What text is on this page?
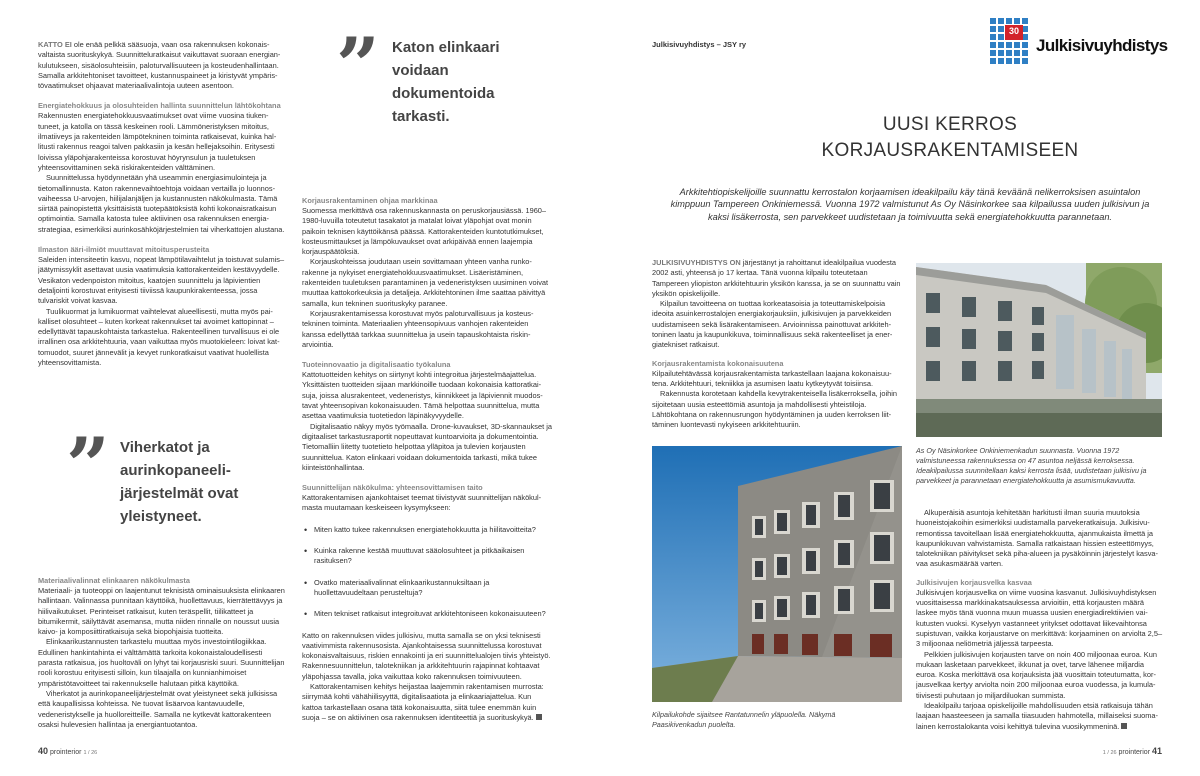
KATTO EI ole enää pelkkä sääsuoja, vaan osa rakennuksen kokonaisvaltaista suorituskykyä. Suunnitteluratkaisut vaikuttavat suoraan energiankulutukseen, sisäolosuhteisiin, paloturvallisuuteen ja kosteudenhallintaan. Samalla arkkitehtoniset tavoitteet, kustannuspaineet ja kiristyvät ympäristövaatimukset ohjaavat materiaalivalintoja uuteen asentoon.

Energiatehokkuus ja olosuhteiden hallinta suunnittelun lähtökohtana

Rakennusten energiatehokkuusvaatimukset ovat viime vuosina tiukentuneet, ja katolla on tässä keskeinen rooli. Lämmöneristyksen mitoitus, ilmatiiveys ja rakenteiden lämpötekninen toiminta ratkaisevat, kuinka hallitusti rakennus reagoi talven pakkasiin ja kesän hellejaksoihin. Eritysesti loivissa yläpohjarakenteissa korostuvat höyrynsulun ja tuuletuksen yhteensovittaminen sekä riskirakenteiden välttäminen.

Suunnittelussa hyödynnetään yhä useammin energiasimulointeja ja tietomallinnusta. Katon rakennevaihtoehtoja voidaan vertailla jo luonnosvaiheessa U-arvojen, hiilijalanjäljen ja kustannusten näkökulmasta. Tämä siirtää painopistettä yksittäisistä tuotepäätöksistä kohti kokonaisratkaisun optimointia. Samalla katosta tulee aktiivinen osa rakennuksen energiastrategiaa, esimerkiksi aurinkosähköjärjestelmien tai viherkattojen alustana.

Ilmaston ääri-ilmiöt muuttavat mitoitusperusteita

Saleiden intensiteetin kasvu, nopeat lämpötilavaihtelut ja toistuvat sulamis–jäätymissyklit asettavat uusia vaatimuksia kattorakenteiden kestävyydelle. Vesikaton vedenpoiston mitoitus, kaatojen suunnittelu ja läpivientien detaljointi korostuvat erityisesti tiiviissä kaupunkirakenteessa, jossa tulvariskit voivat kasvaa.

Tuulikuormat ja lumikuormat vaihtelevat alueellisesti, mutta myös paikalliset olosuhteet – kuten korkeat rakennukset tai avoimet kattopinnat – edellyttävät tapauskohtaista tarkastelua. Rakenteellinen turvallisuus ei ole irrallinen osa arkkitehtuuria, vaan vaikuttaa myös muotokieleen: loivat kattomuodot, suuret jännevälit ja kevyet runkoratkaisut vaativat huolellista yhteensovittamista.

Materiaalivalinnat elinkaaren näkökulmasta

Materiaali- ja tuoteoppi on laajentunut teknisistä ominaisuuksista elinkaaren hallintaan. Valinnassa punnitaan käyttöikä, huollettavuus, kierrätettävyys ja hiilivaikutukset. Perinteiset ratkaisut, kuten teräspellit, tiilikatteet ja bitumikermit, säilyttävät asemansa, mutta niiden rinnalle on noussut uusia kaivo- ja komposiittiratkaisuja sekä biopohjaisia tuotteita.

Elinkaarikustannusten tarkastelu muuttaa myös investointilogiikkaa. Edullinen hankintahinta ei välttämättä tarkoita kokonaistaloudellisesti parasta ratkaisua, jos huoltoväli on lyhyt tai korjausriski suuri. Suunnittelijan rooli korostuu erityisesti silloin, kun tilaajalla on kunnianhimoiset ympäristötavoitteet tai rakennukselle halutaan pitkä käyttöikä.

Viherkatot ja aurinkopaneelijärjestelmät ovat yleistyneet sekä julkisissa että kaupallisissa kohteissa. Ne tuovat lisäarvoa kantavuudelle, vedeneristykselle ja huolloreitteille. Samalla ne kytkevät kattorakenteen osaksi hulevesien hallintaa ja energiantuotantoa.

” Viherkatot ja aurinkopaneelijärjestelmät ovat yleistyneet.
” Katon elinkaari voidaan dokumentoida tarkasti.
Korjausrakentaminen ohjaa markkinaa

Suomessa merkittävä osa rakennuskannasta on peruskorjausiässä. 1960–1980-luvuilla toteutetut tasakatot ja matalat loivat yläpohjat ovat monin paikoin teknisen käyttöikänsä päässä. Kattorakenteiden kuntotutkimukset, kosteusmittaukset ja lämpökuvaukset ovat arkipäivää ennen laajempia korjauspäätöksiä.

Korjauskohteissa joudutaan usein sovittamaan yhteen vanha runkorakenne ja nykyiset energiatehokkuusvaatimukset. Lisäeristäminen, rakenteiden tuuletuksen parantaminen ja vedeneristyksen uusiminen voivat muuttaa kattokorkeuksia ja detaljeja. Arkkitehtoninen ilme saattaa päivittyä samalla, kun tekninen suorituskyky paranee.

Korjausrakentamisessa korostuvat myös paloturvallisuus ja kosteustekninen toiminta. Materiaalien yhteensopivuus vanhojen rakenteiden kanssa edellyttää tarkkaa suunnittelua ja usein tapauskohtaista riskinarviointia.

Tuoteinnovaatio ja digitalisaatio työkaluna

Kattotuotteiden kehitys on siirtynyt kohti integroitua järjestelmäajattelua. Yksittäisten tuotteiden sijaan markkinoille tuodaan kokonaisia kattoratkaisuja, joissa alusrakenteet, vedeneristys, kiinnikkeet ja läpiviennit muodostavat yhteensopivan kokonaisuuden. Tämä helpottaa suunnittelua, mutta asettaa vaatimuksia tuotetiedon läpinäkyvyydelle.

Digitalisaatio näkyy myös työmaalla. Drone-kuvaukset, 3D-skannaukset ja digitaaliset tarkastusraportit nopeuttavat kuntoarvioita ja dokumentointia. Tietomalliin liitetty tuotetieto helpottaa ylläpitoa ja tulevien korjausten suunnittelua. Katon elinkaari voidaan dokumentoida tarkasti, mikä tukee kiinteistönhallintaa.

Suunnittelijan näkökulma: yhteensovittamisen taito

Kattorakentamisen ajankohtaiset teemat tiivistyvät suunnittelijan näkökulmasta muutamaan keskeiseen kysymykseen:

• Miten katto tukee rakennuksen energiatehokkuutta ja hiilitavoitteita?
• Kuinka rakenne kestää muuttuvat sääolosuhteet ja pitkäaikaisen rasituksen?
• Ovatko materiaalivalinnat elinkaarikustannuksiltaan ja huollettavuudeltaan perusteltuja?
• Miten tekniset ratkaisut integroituvat arkkitehtoniseen kokonaisuuteen?

Katto on rakennuksen viides julkisivu, mutta samalla se on yksi teknisesti vaativimmista rakennusosista. Ajankohtaisessa suunnittelussa korostuvat kokonaisvaltaisuus, riskien ennakointi ja eri suunnittelualojen tiivis yhteistyö. Rakennesuunnittelun, talotekniikan ja arkkitehtuurin rajapinnat kohtaavat yläpohjassa tavalla, joka vaikuttaa koko rakennuksen toimivuuteen.

Kattorakentamisen kehitys heijastaa laajemmin rakentamisen murrosta: siirrymää kohti vähähiilisyyttä, digitalisaatiota ja elinkaariajattelua. Kun kattoa tarkastellaan osana tätä kokonaisuutta, siitä tulee enemmän kuin suoja – se on aktiivinen osa rakennuksen identiteettiä ja suorituskykyä.

40 prointerior 1 / 26
Julkisivuyhdistys – JSY ry
30
Julkisivuyhdistys
UUSI KERROS
KORJAUSRAKENTAMISEEN
Arkkitehtiopiskelijoille suunnattu kerrostalon korjaamisen ideakilpailu käy tänä keväänä nelikerroksisen asuintalon kimppuun Tampereen Onkiniemessä. Vuonna 1972 valmistunut As Oy Näsinkorkee saa kilpailussa uuden julkisivun ja kaksi lisäkerrosta, sen parvekkeet uudistetaan ja toimivuutta sekä energiatehokkuutta parannetaan.

JULKISIVUYHDISTYS ON järjestänyt ja rahoittanut ideakilpailua vuodesta 2002 asti, yhteensä jo 17 kertaa. Tänä vuonna kilpailu toteutetaan Tampereen yliopiston arkkitehtuurin yksikön kanssa, ja se on suunnattu vain yksikön opiskelijoille.

Kilpailun tavoitteena on tuottaa korkeatasoisia ja toteuttamiskelpoisia ideoita asuinkerrostalojen energiakorjauksiin, julkisivujen ja parvekkeiden uudistamiseen sekä lisärakentamiseen. Arvioinnissa painottuvat arkkitehtoninen laatu ja kaupunkikuva, toiminnallisuus sekä rakenteelliset ja energiatekniset ratkaisut.

Korjausrakentamista kokonaisuutena

Kilpailutehtävässä korjausrakentamista tarkastellaan laajana kokonaisuutena. Arkkitehtuuri, tekniikka ja asumisen laatu kytkeytyvät toisiinsa.

Rakennusta korotetaan kahdella kevytrakenteisella lisäkerroksella, joihin sijoitetaan uusia esteettömiä asuntoja ja mahdollisesti yhteistiloja. Lähtökohtana on rakennusrungon hyödyntäminen ja uuden kerroksen liittäminen luontevasti nykyiseen arkkitehtuuriin.

As Oy Näsinkorkee Onkiniemenkadun suunnasta. Vuonna 1972 valmistuneessa rakennuksessa on 47 asuntoa neljässä kerroksessa. Ideakilpailussa suunnitellaan kaksi kerrosta lisää, uudistetaan julkisivu ja parvekkeet ja parannetaan energiatehokkuutta ja asumismukavuutta.
Kilpailukohde sijaitsee Rantatunnelin yläpuolella. Näkymä Paasikivenkadun puolelta.

Alkuperäisiä asuntoja kehitetään harkitusti ilman suuria muutoksia huoneistojakoihin esimerkiksi uudistamalla parvekeratkaisuja. Julkisivuremontissa tavoitellaan lisää energiatehokkuutta, ajanmukaista ilmettä ja kaupunkikuvan vahvistamista. Samalla ratkaistaan hissien esteettömyys, talotekniikan päivitykset sekä piha-alueen ja pysäköinnin järjestelyt kasvavaa asukasmäärää varten.

Julkisivujen korjausvelka kasvaa

Julkisivujen korjausvelka on viime vuosina kasvanut. Julkisivuyhdistyksen vuosittaisessa markkinakatsauksessa arvioitiin, että korjausten määrä laskee myös tänä vuonna muun muassa uusien energiadirektiivien vaikutusten vuoksi. Kyselyyn vastanneet yritykset odottavat liikevaihtonsa supistuvan, vaikka korjaustarve on merkittävä: korjaaminen on arviolta 2,5–3 miljoonaa neliömetriä jäljessä tarpeesta.

Pelkkien julkisivujen korjausten tarve on noin 400 miljoonaa euroa. Kun mukaan lasketaan parvekkeet, ikkunat ja ovet, tarve lähenee miljardia euroa. Koska merkittävä osa korjauksista jää vuosittain toteutumatta, korjausvelkaa kertyy arviolta noin 200 miljoonaa euroa vuodessa, ja kumulatiivisesti puhutaan jo miljardiluokan summista.

Ideakilpailu tarjoaa opiskelijoille mahdollisuuden etsiä ratkaisuja tähän laajaan haasteeseen ja samalla tiiasuuden hahmotella, millaiseksi suomalainen kerrostalokanta voisi kehittyä tulevina vuosikymmeninä.

1 / 26 prointerior 41
